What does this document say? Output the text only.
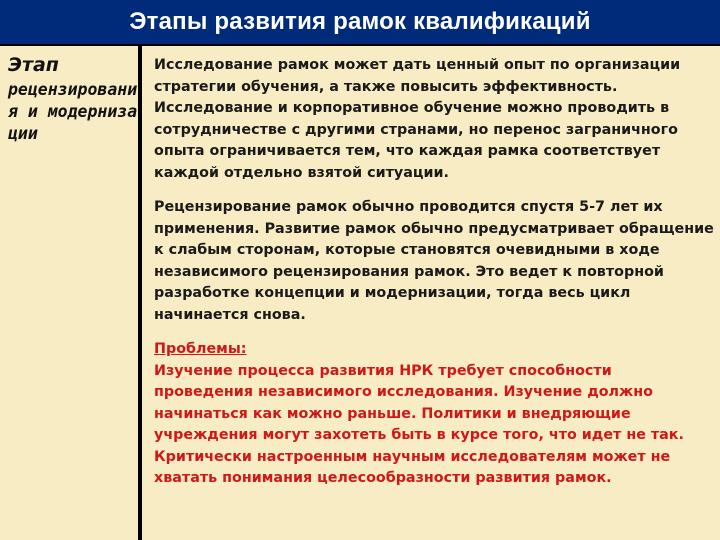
Этапы развития рамок квалификаций
Этап
рецензирования и модернизации

Исследование рамок может дать ценный опыт по организации стратегии обучения, а также повысить эффективность. Исследование и корпоративное обучение можно проводить в сотрудничестве с другими странами, но перенос заграничного опыта ограничивается тем, что каждая рамка соответствует каждой отдельно взятой ситуации.

Рецензирование рамок обычно проводится спустя 5-7 лет их применения. Развитие рамок обычно предусматривает обращение к слабым сторонам, которые становятся очевидными в ходе независимого рецензирования рамок. Это ведет к повторной разработке концепции и модернизации, тогда весь цикл начинается снова.

Проблемы:
Изучение процесса развития НРК требует способности проведения независимого исследования. Изучение должно начинаться как можно раньше. Политики и внедряющие учреждения могут захотеть быть в курсе того, что идет не так. Критически настроенным научным исследователям может не хватать понимания целесообразности развития рамок.
